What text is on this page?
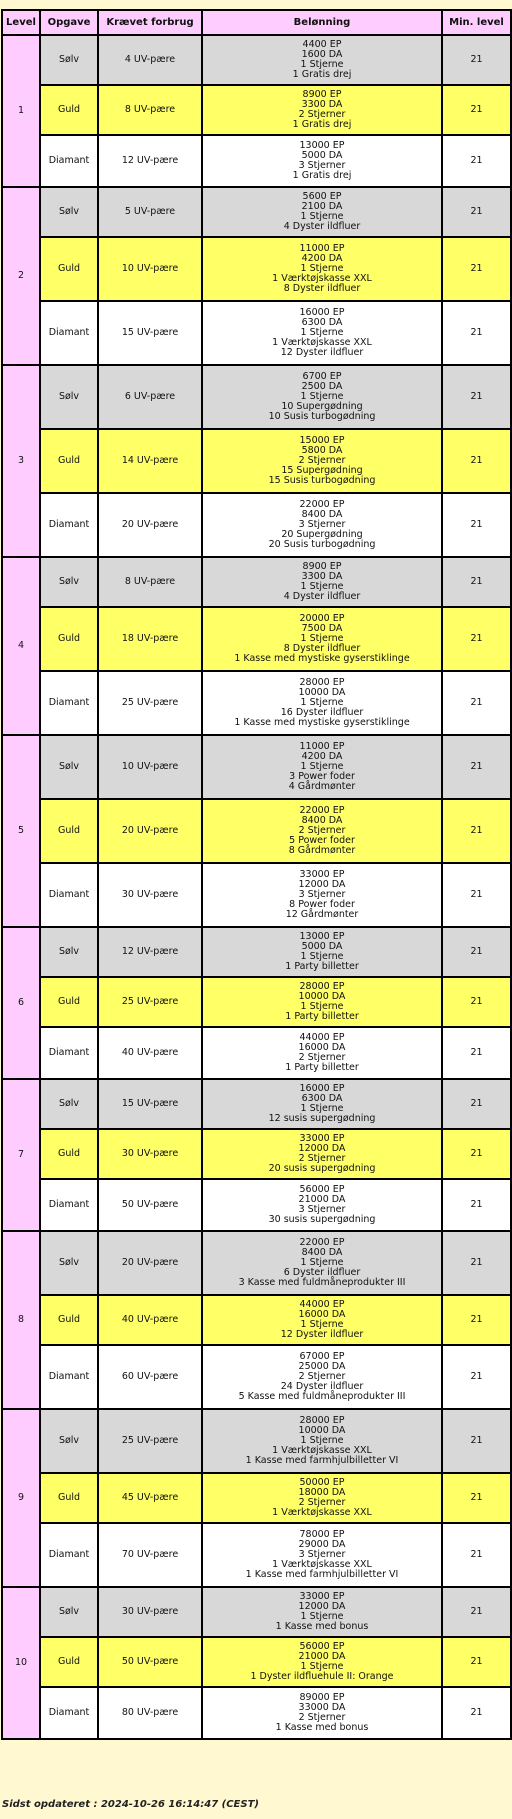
Level	Opgave	Krævet forbrug	Belønning	Min. level
1	Sølv	4 UV-pære	4400 EP
1600 DA
1 Stjerne
1 Gratis drej	21
	Guld	8 UV-pære	8900 EP
3300 DA
2 Stjerner
1 Gratis drej	21
	Diamant	12 UV-pære	13000 EP
5000 DA
3 Stjerner
1 Gratis drej	21
2	Sølv	5 UV-pære	5600 EP
2100 DA
1 Stjerne
4 Dyster ildfluer	21
	Guld	10 UV-pære	11000 EP
4200 DA
1 Stjerne
1 Værktøjskasse XXL
8 Dyster ildfluer	21
	Diamant	15 UV-pære	16000 EP
6300 DA
1 Stjerne
1 Værktøjskasse XXL
12 Dyster ildfluer	21
3	Sølv	6 UV-pære	6700 EP
2500 DA
1 Stjerne
10 Supergødning
10 Susis turbogødning	21
	Guld	14 UV-pære	15000 EP
5800 DA
2 Stjerner
15 Supergødning
15 Susis turbogødning	21
	Diamant	20 UV-pære	22000 EP
8400 DA
3 Stjerner
20 Supergødning
20 Susis turbogødning	21
4	Sølv	8 UV-pære	8900 EP
3300 DA
1 Stjerne
4 Dyster ildfluer	21
	Guld	18 UV-pære	20000 EP
7500 DA
1 Stjerne
8 Dyster ildfluer
1 Kasse med mystiske gyserstiklinge	21
	Diamant	25 UV-pære	28000 EP
10000 DA
1 Stjerne
16 Dyster ildfluer
1 Kasse med mystiske gyserstiklinge	21
5	Sølv	10 UV-pære	11000 EP
4200 DA
1 Stjerne
3 Power foder
4 Gårdmønter	21
	Guld	20 UV-pære	22000 EP
8400 DA
2 Stjerner
5 Power foder
8 Gårdmønter	21
	Diamant	30 UV-pære	33000 EP
12000 DA
3 Stjerner
8 Power foder
12 Gårdmønter	21
6	Sølv	12 UV-pære	13000 EP
5000 DA
1 Stjerne
1 Party billetter	21
	Guld	25 UV-pære	28000 EP
10000 DA
1 Stjerne
1 Party billetter	21
	Diamant	40 UV-pære	44000 EP
16000 DA
2 Stjerner
1 Party billetter	21
7	Sølv	15 UV-pære	16000 EP
6300 DA
1 Stjerne
12 susis supergødning	21
	Guld	30 UV-pære	33000 EP
12000 DA
2 Stjerner
20 susis supergødning	21
	Diamant	50 UV-pære	56000 EP
21000 DA
3 Stjerner
30 susis supergødning	21
8	Sølv	20 UV-pære	22000 EP
8400 DA
1 Stjerne
6 Dyster ildfluer
3 Kasse med fuldmåneprodukter III	21
	Guld	40 UV-pære	44000 EP
16000 DA
1 Stjerne
12 Dyster ildfluer	21
	Diamant	60 UV-pære	67000 EP
25000 DA
2 Stjerner
24 Dyster ildfluer
5 Kasse med fuldmåneprodukter III	21
9	Sølv	25 UV-pære	28000 EP
10000 DA
1 Stjerne
1 Værktøjskasse XXL
1 Kasse med farmhjulbilletter VI	21
	Guld	45 UV-pære	50000 EP
18000 DA
2 Stjerner
1 Værktøjskasse XXL	21
	Diamant	70 UV-pære	78000 EP
29000 DA
3 Stjerner
1 Værktøjskasse XXL
1 Kasse med farmhjulbilletter VI	21
10	Sølv	30 UV-pære	33000 EP
12000 DA
1 Stjerne
1 Kasse med bonus	21
	Guld	50 UV-pære	56000 EP
21000 DA
1 Stjerne
1 Dyster ildfluehule II: Orange	21
	Diamant	80 UV-pære	89000 EP
33000 DA
2 Stjerner
1 Kasse med bonus	21
Sidst opdateret : 2024-10-26 16:14:47 (CEST)
